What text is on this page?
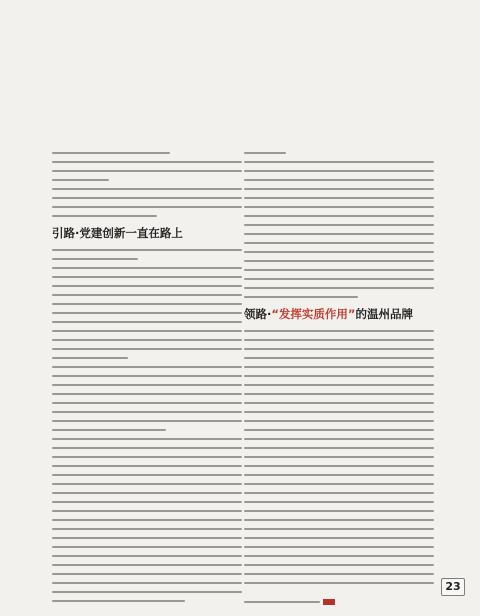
引路·党建创新一直在路上
领路·“发挥实质作用”的温州品牌
23
